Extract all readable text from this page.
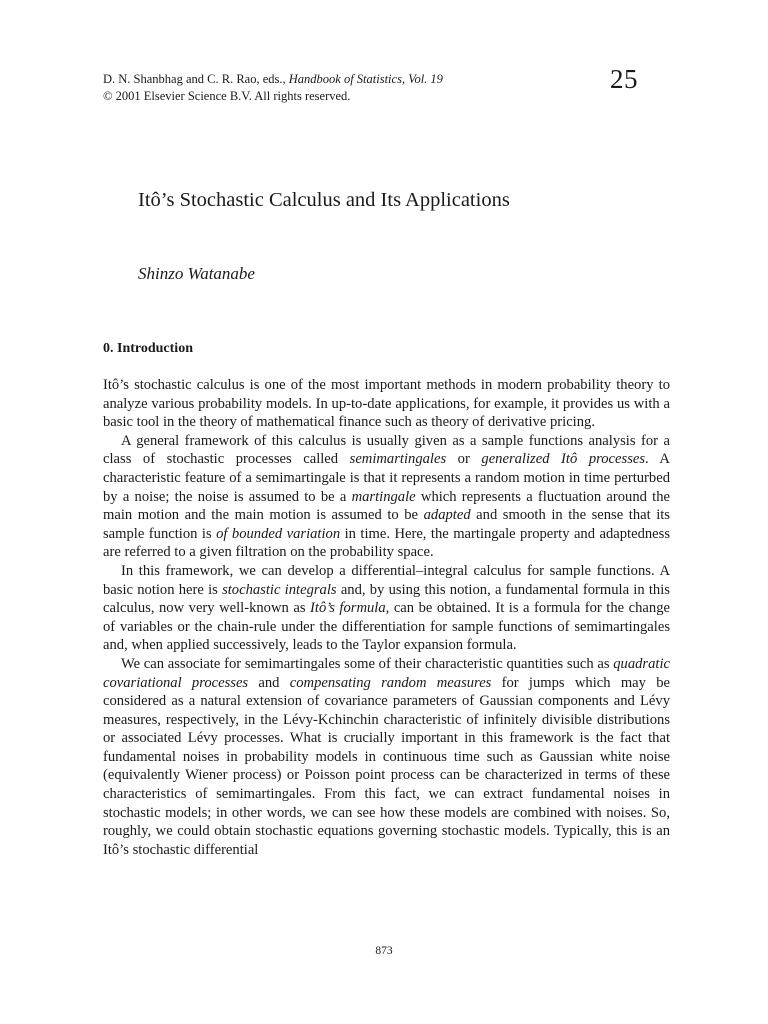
D. N. Shanbhag and C. R. Rao, eds., Handbook of Statistics, Vol. 19
© 2001 Elsevier Science B.V. All rights reserved.
25
Itô’s Stochastic Calculus and Its Applications
Shinzo Watanabe
0. Introduction

Itô’s stochastic calculus is one of the most important methods in modern probability theory to analyze various probability models. In up-to-date applications, for example, it provides us with a basic tool in the theory of mathematical finance such as theory of derivative pricing.

A general framework of this calculus is usually given as a sample functions analysis for a class of stochastic processes called semimartingales or generalized Itô processes. A characteristic feature of a semimartingale is that it represents a random motion in time perturbed by a noise; the noise is assumed to be a martingale which represents a fluctuation around the main motion and the main motion is assumed to be adapted and smooth in the sense that its sample function is of bounded variation in time. Here, the martingale property and adaptedness are referred to a given filtration on the probability space.

In this framework, we can develop a differential–integral calculus for sample functions. A basic notion here is stochastic integrals and, by using this notion, a fundamental formula in this calculus, now very well-known as Itô’s formula, can be obtained. It is a formula for the change of variables or the chain-rule under the differentiation for sample functions of semimartingales and, when applied successively, leads to the Taylor expansion formula.

We can associate for semimartingales some of their characteristic quantities such as quadratic covariational processes and compensating random measures for jumps which may be considered as a natural extension of covariance parameters of Gaussian components and Lévy measures, respectively, in the Lévy-Kchinchin characteristic of infinitely divisible distributions or associated Lévy processes. What is crucially important in this framework is the fact that fundamental noises in probability models in continuous time such as Gaussian white noise (equivalently Wiener process) or Poisson point process can be characterized in terms of these characteristics of semimartingales. From this fact, we can extract fundamental noises in stochastic models; in other words, we can see how these models are combined with noises. So, roughly, we could obtain stochastic equations governing stochastic models. Typically, this is an Itô’s stochastic differential

873
